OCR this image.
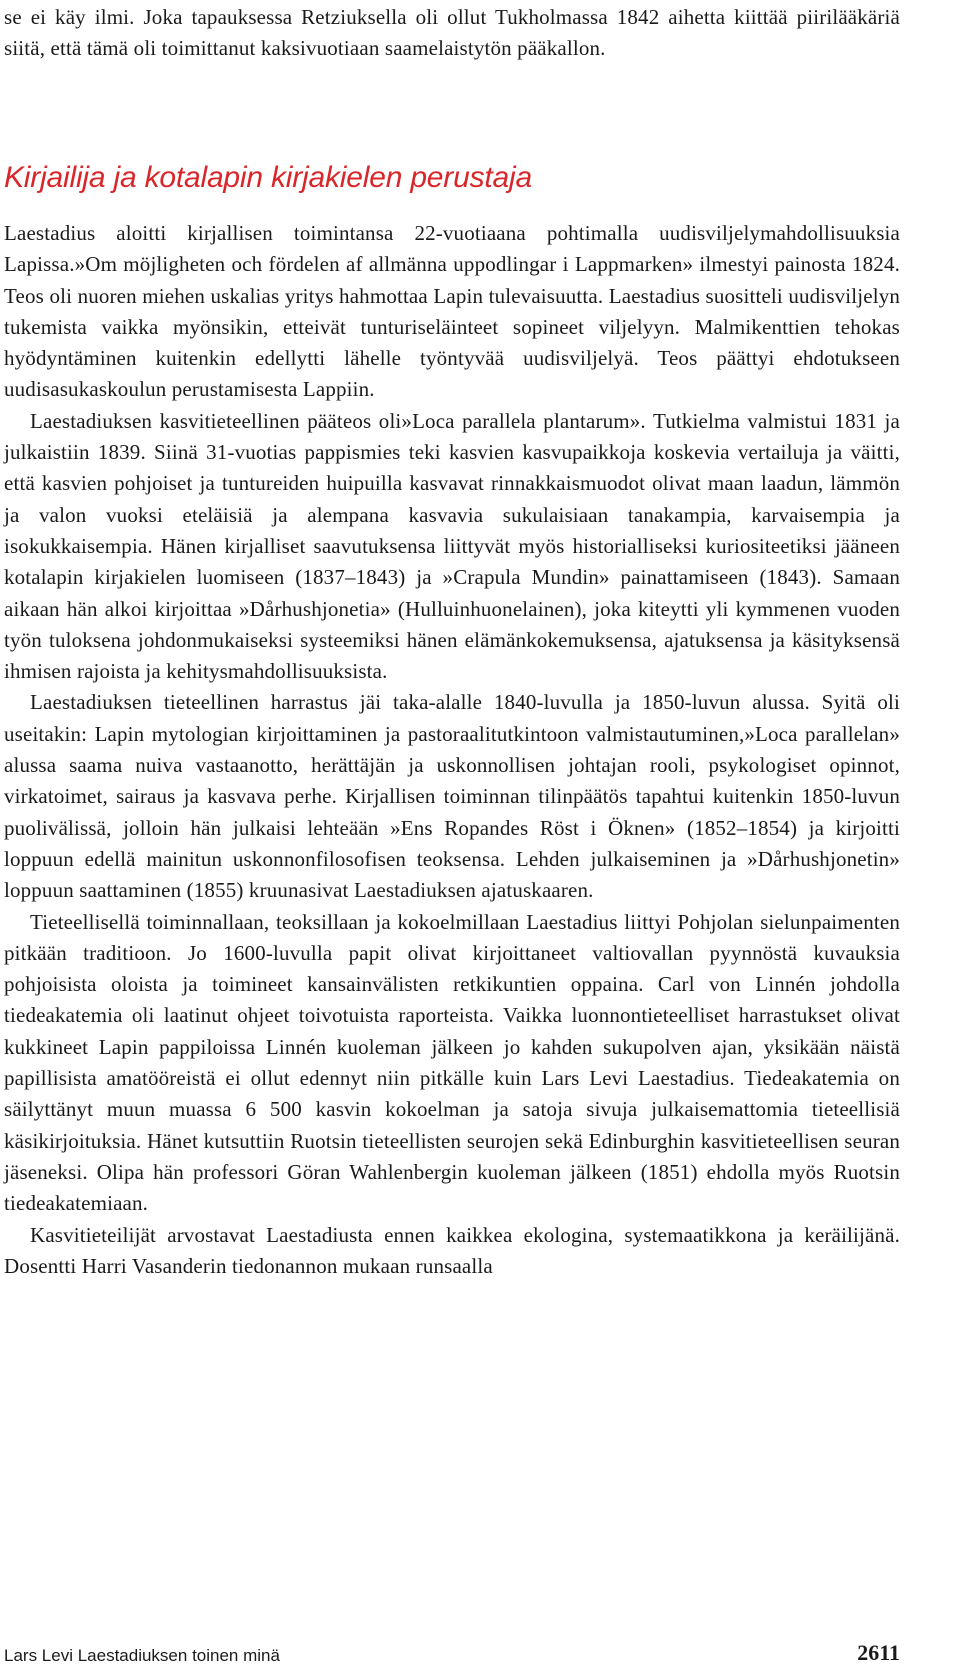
se ei käy ilmi. Joka tapauksessa Retziuksella oli ollut Tukholmassa 1842 aihetta kiittää piirilääkäriä siitä, että tämä oli toimittanut kaksivuotiaan saamelaistytön pääkallon.

Kirjailija ja kotalapin kirjakielen perustaja

Laestadius aloitti kirjallisen toimintansa 22-vuotiaana pohtimalla uudisviljelymahdollisuuksia Lapissa.»Om möjligheten och fördelen af allmänna uppodlingar i Lappmarken» ilmestyi painosta 1824. Teos oli nuoren miehen uskalias yritys hahmottaa Lapin tulevaisuutta. Laestadius suositteli uudisviljelyn tukemista vaikka myönsikin, etteivät tunturiseläinteet sopineet viljelyyn. Malmikenttien tehokas hyödyntäminen kuitenkin edellytti lähelle työntyvää uudisviljelyä. Teos päättyi ehdotukseen uudisasukaskoulun perustamisesta Lappiin.

Laestadiuksen kasvitieteellinen pääteos oli»Loca parallela plantarum». Tutkielma valmistui 1831 ja julkaistiin 1839. Siinä 31-vuotias pappismies teki kasvien kasvupaikkoja koskevia vertailuja ja väitti, että kasvien pohjoiset ja tuntureiden huipuilla kasvavat rinnakkaismuodot olivat maan laadun, lämmön ja valon vuoksi eteläisiä ja alempana kasvavia sukulaisiaan tanakampia, karvaisempia ja isokukkaisempia. Hänen kirjalliset saavutuksensa liittyvät myös historialliseksi kuriositeetiksi jääneen kotalapin kirjakielen luomiseen (1837–1843) ja »Crapula Mundin» painattamiseen (1843). Samaan aikaan hän alkoi kirjoittaa »Dårhushjonetia» (Hulluinhuonelainen), joka kiteytti yli kymmenen vuoden työn tuloksena johdonmukaiseksi systeemiksi hänen elämänkokemuksensa, ajatuksensa ja käsityksensä ihmisen rajoista ja kehitysmahdollisuuksista.

Laestadiuksen tieteellinen harrastus jäi taka-alalle 1840-luvulla ja 1850-luvun alussa. Syitä oli useitakin: Lapin mytologian kirjoittaminen ja pastoraalitutkintoon valmistautuminen,»Loca parallelan» alussa saama nuiva vastaanotto, herättäjän ja uskonnollisen johtajan rooli, psykologiset opinnot, virkatoimet, sairaus ja kasvava perhe. Kirjallisen toiminnan tilinpäätös tapahtui kuitenkin 1850-luvun puolivälissä, jolloin hän julkaisi lehteään »Ens Ropandes Röst i Öknen» (1852–1854) ja kirjoitti loppuun edellä mainitun uskonnonfilosofisen teoksensa. Lehden julkaiseminen ja »Dårhushjonetin» loppuun saattaminen (1855) kruunasivat Laestadiuksen ajatuskaaren.

Tieteellisellä toiminnallaan, teoksillaan ja kokoelmillaan Laestadius liittyi Pohjolan sielunpaimenten pitkään traditioon. Jo 1600-luvulla papit olivat kirjoittaneet valtiovallan pyynnöstä kuvauksia pohjoisista oloista ja toimineet kansainvälisten retkikuntien oppaina. Carl von Linnén johdolla tiedeakatemia oli laatinut ohjeet toivotuista raporteista. Vaikka luonnontieteelliset harrastukset olivat kukkineet Lapin pappiloissa Linnén kuoleman jälkeen jo kahden sukupolven ajan, yksikään näistä papillisista amatööreistä ei ollut edennyt niin pitkälle kuin Lars Levi Laestadius. Tiedeakatemia on säilyttänyt muun muassa 6 500 kasvin kokoelman ja satoja sivuja julkaisemattomia tieteellisiä käsikirjoituksia. Hänet kutsuttiin Ruotsin tieteellisten seurojen sekä Edinburghin kasvitieteellisen seuran jäseneksi. Olipa hän professori Göran Wahlenbergin kuoleman jälkeen (1851) ehdolla myös Ruotsin tiedeakatemiaan.

Kasvitieteilijät arvostavat Laestadiusta ennen kaikkea ekologina, systemaatikkona ja keräilijänä. Dosentti Harri Vasanderin tiedonannon mukaan runsaalla

Lars Levi Laestadiuksen toinen minä	2611
